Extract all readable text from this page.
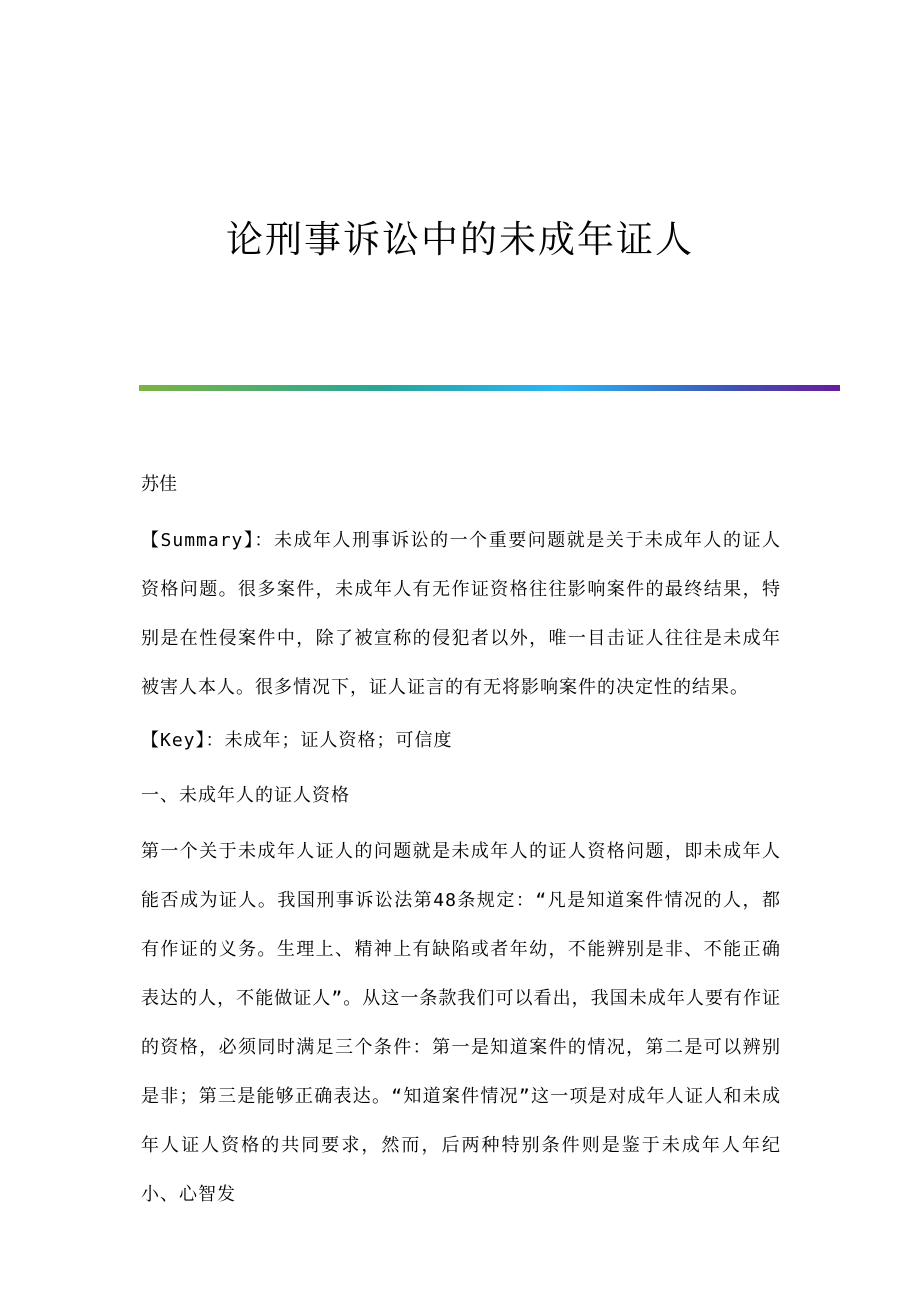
论刑事诉讼中的未成年证人
苏佳

【Summary】：未成年人刑事诉讼的一个重要问题就是关于未成年人的证人资格问题。很多案件，未成年人有无作证资格往往影响案件的最终结果，特别是在性侵案件中，除了被宣称的侵犯者以外，唯一目击证人往往是未成年被害人本人。很多情况下，证人证言的有无将影响案件的决定性的结果。

【Key】：未成年；证人资格；可信度

一、未成年人的证人资格

第一个关于未成年人证人的问题就是未成年人的证人资格问题，即未成年人能否成为证人。我国刑事诉讼法第48条规定：“凡是知道案件情况的人，都有作证的义务。生理上、精神上有缺陷或者年幼，不能辨别是非、不能正确表达的人，不能做证人”。从这一条款我们可以看出，我国未成年人要有作证的资格，必须同时满足三个条件：第一是知道案件的情况，第二是可以辨别是非；第三是能够正确表达。“知道案件情况”这一项是对成年人证人和未成年人证人资格的共同要求，然而，后两种特别条件则是鉴于未成年人年纪小、心智发
